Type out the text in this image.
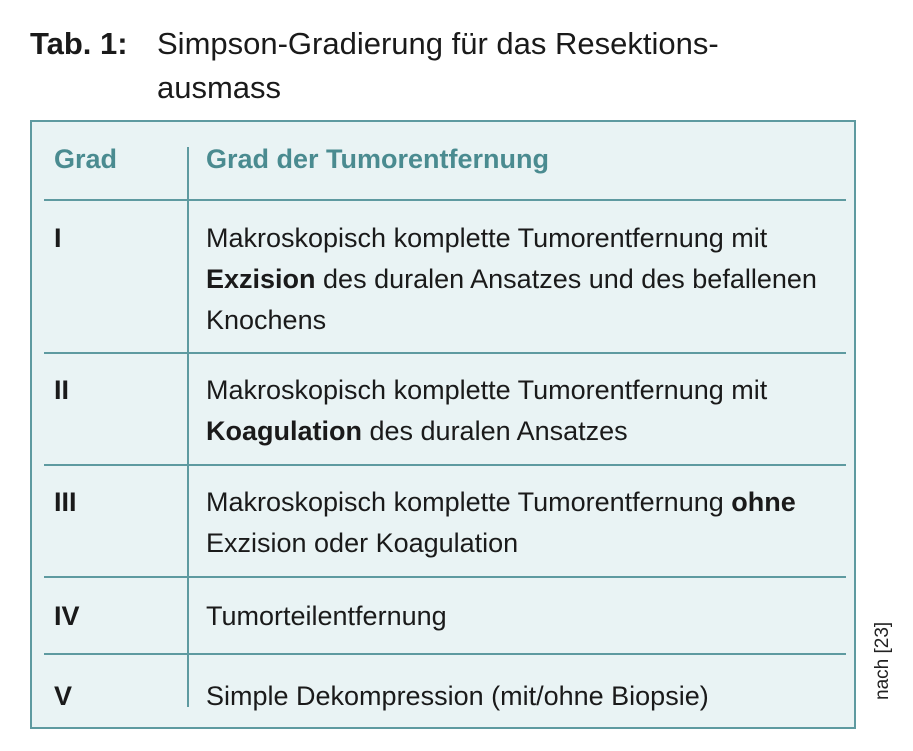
Tab. 1: Simpson-Gradierung für das Resektions-
ausmass
Grad	Grad der Tumorentfernung
I	Makroskopisch komplette Tumorentfernung mit Exzision des duralen Ansatzes und des befallenen Knochens
II	Makroskopisch komplette Tumorentfernung mit Koagulation des duralen Ansatzes
III	Makroskopisch komplette Tumorentfernung ohne Exzision oder Koagulation
IV	Tumorteilentfernung
V	Simple Dekompression (mit/ohne Biopsie)	nach [23]
